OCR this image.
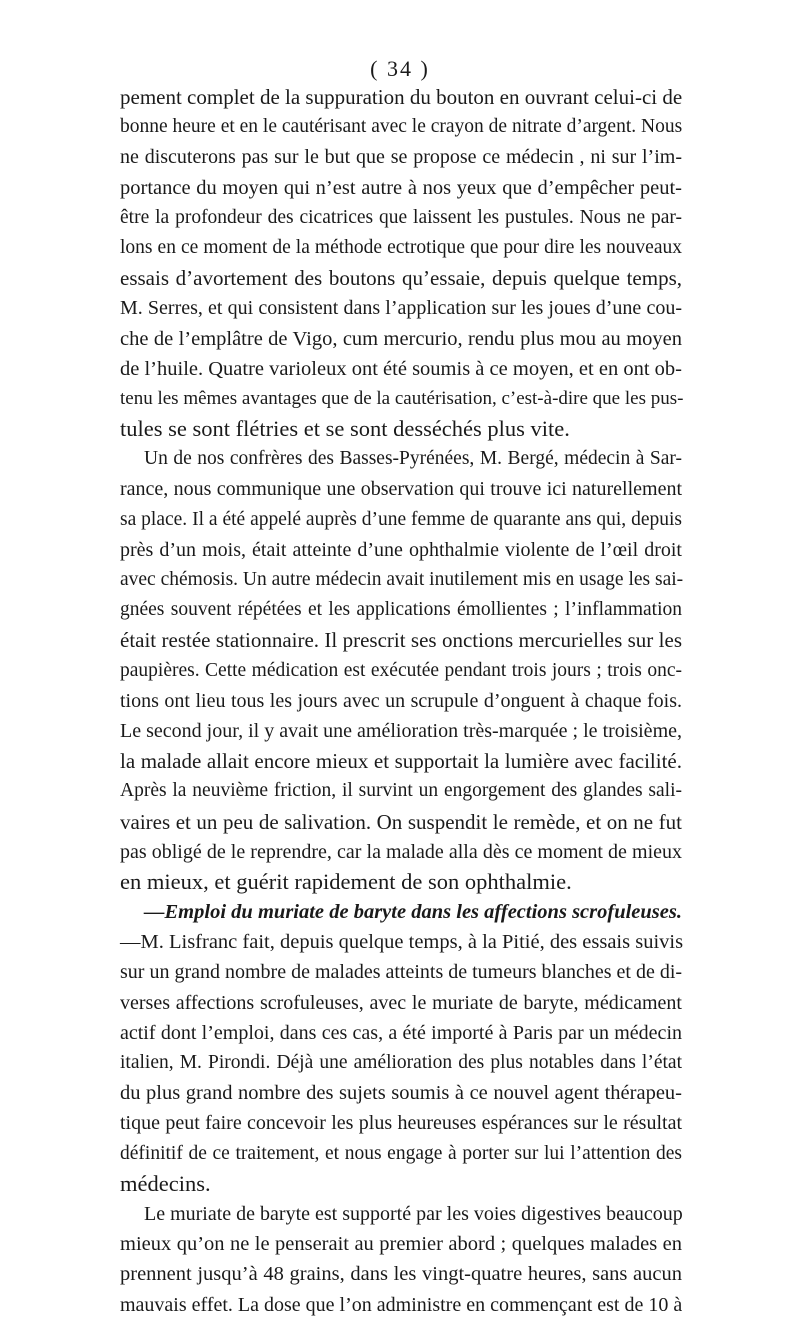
( 34 )
pement complet de la suppuration du bouton en ouvrant celui-ci de
bonne heure et en le cautérisant avec le crayon de nitrate d’argent. Nous
ne discuterons pas sur le but que se propose ce médecin , ni sur l’im-
portance du moyen qui n’est autre à nos yeux que d’empêcher peut-
être la profondeur des cicatrices que laissent les pustules. Nous ne par-
lons en ce moment de la méthode ectrotique que pour dire les nouveaux
essais d’avortement des boutons qu’essaie, depuis quelque temps,
M. Serres, et qui consistent dans l’application sur les joues d’une cou-
che de l’emplâtre de Vigo, cum mercurio, rendu plus mou au moyen
de l’huile. Quatre varioleux ont été soumis à ce moyen, et en ont ob-
tenu les mêmes avantages que de la cautérisation, c’est-à-dire que les pus-
tules se sont flétries et se sont desséchés plus vite.
Un de nos confrères des Basses-Pyrénées, M. Bergé, médecin à Sar-
rance, nous communique une observation qui trouve ici naturellement
sa place. Il a été appelé auprès d’une femme de quarante ans qui, depuis
près d’un mois, était atteinte d’une ophthalmie violente de l’œil droit
avec chémosis. Un autre médecin avait inutilement mis en usage les sai-
gnées souvent répétées et les applications émollientes ; l’inflammation
était restée stationnaire. Il prescrit ses onctions mercurielles sur les
paupières. Cette médication est exécutée pendant trois jours ; trois onc-
tions ont lieu tous les jours avec un scrupule d’onguent à chaque fois.
Le second jour, il y avait une amélioration très-marquée ; le troisième,
la malade allait encore mieux et supportait la lumière avec facilité.
Après la neuvième friction, il survint un engorgement des glandes sali-
vaires et un peu de salivation. On suspendit le remède, et on ne fut
pas obligé de le reprendre, car la malade alla dès ce moment de mieux
en mieux, et guérit rapidement de son ophthalmie.
—Emploi du muriate de baryte dans les affections scrofuleuses.
—M. Lisfranc fait, depuis quelque temps, à la Pitié, des essais suivis
sur un grand nombre de malades atteints de tumeurs blanches et de di-
verses affections scrofuleuses, avec le muriate de baryte, médicament
actif dont l’emploi, dans ces cas, a été importé à Paris par un médecin
italien, M. Pirondi. Déjà une amélioration des plus notables dans l’état
du plus grand nombre des sujets soumis à ce nouvel agent thérapeu-
tique peut faire concevoir les plus heureuses espérances sur le résultat
définitif de ce traitement, et nous engage à porter sur lui l’attention des
médecins.
Le muriate de baryte est supporté par les voies digestives beaucoup
mieux qu’on ne le penserait au premier abord ; quelques malades en
prennent jusqu’à 48 grains, dans les vingt-quatre heures, sans aucun
mauvais effet. La dose que l’on administre en commençant est de 10 à
